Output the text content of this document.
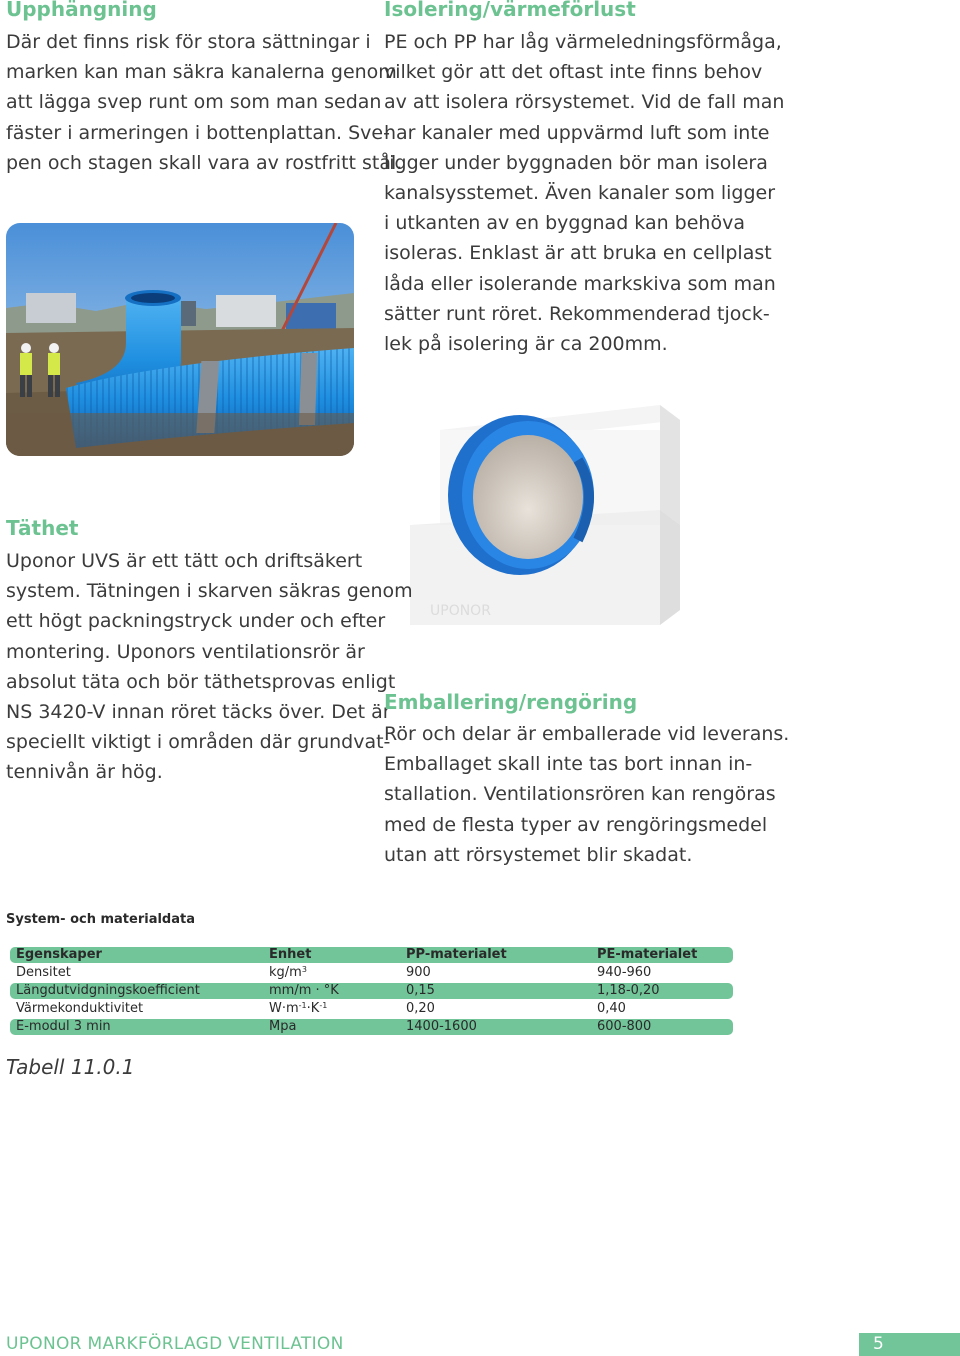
Upphängning

Där det finns risk för stora sättningar i
marken kan man säkra kanalerna genom
att lägga svep runt om som man sedan
fäster i armeringen i bottenplattan. Sve-
pen och stagen skall vara av rostfritt stål.

Isolering/värmeförlust

PE och PP har låg värmeledningsförmåga,
vilket gör att det oftast inte finns behov
av att isolera rörsystemet. Vid de fall man
har kanaler med uppvärmd luft som inte
ligger under byggnaden bör man isolera
kanalsysstemet. Även kanaler som ligger
i utkanten av en byggnad kan behöva
isoleras. Enklast är att bruka en cellplast
låda eller isolerande markskiva som man
sätter runt röret. Rekommenderad tjock-
lek på isolering är ca 200mm.

UPONOR
Täthet

Uponor UVS är ett tätt och driftsäkert
system. Tätningen i skarven säkras genom
ett högt packningstryck under och efter
montering. Uponors ventilationsrör är
absolut täta och bör täthetsprovas enligt
NS 3420-V innan röret täcks över. Det är
speciellt viktigt i områden där grundvat-
tennivån är hög.

Emballering/rengöring

Rör och delar är emballerade vid leverans.
Emballaget skall inte tas bort innan in-
stallation. Ventilationsrören kan rengöras
med de flesta typer av rengöringsmedel
utan att rörsystemet blir skadat.

System- och materialdata

Egenskaper	Enhet	PP-materialet	PE-materialet
Densitet	$kg/m^3$	900	940-960
Längdutvidgningskoefficient	mm/m · °K	0,15	1,18-0,20
Värmekonduktivitet	$W\cdot m^{-1}\cdot K^{-1}$	0,20	0,40
E-modul 3 min	Mpa	1400-1600	600-800

Tabell 11.0.1

UPONOR MARKFÖRLAGD VENTILATION	5
